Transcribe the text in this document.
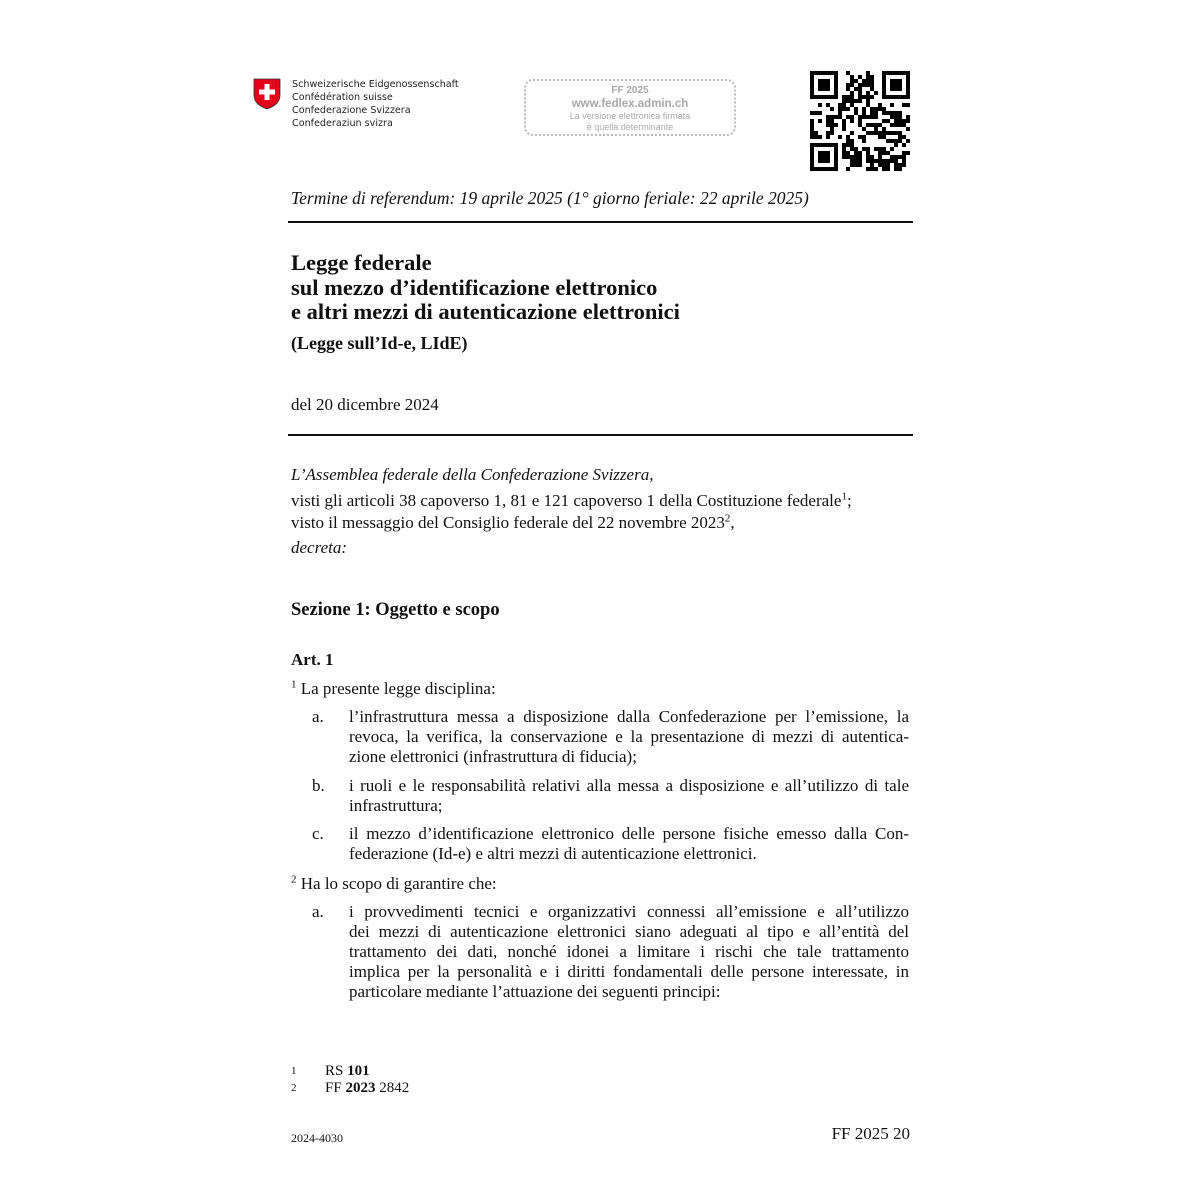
Schweizerische Eidgenossenschaft
Confédération suisse
Confederazione Svizzera
Confederaziun svizra
FF 2025
www.fedlex.admin.ch
La versione elettronica firmata
è quella determinante
Termine di referendum: 19 aprile 2025 (1° giorno feriale: 22 aprile 2025)
Legge federale
sul mezzo d’identificazione elettronico
e altri mezzi di autenticazione elettronici
(Legge sull’Id-e, LIdE)
del 20 dicembre 2024
L’Assemblea federale della Confederazione Svizzera,
visti gli articoli 38 capoverso 1, 81 e 121 capoverso 1 della Costituzione federale$^1$;
visto il messaggio del Consiglio federale del 22 novembre 2023$^2$,
decreta:
Sezione 1: Oggetto e scopo
Art. 1
$^1$ La presente legge disciplina:
a. l’infrastruttura messa a disposizione dalla Confederazione per l’emissione, la
revoca, la verifica, la conservazione e la presentazione di mezzi di autentica-
zione elettronici (infrastruttura di fiducia);
b. i ruoli e le responsabilità relativi alla messa a disposizione e all’utilizzo di tale
infrastruttura;
c. il mezzo d’identificazione elettronico delle persone fisiche emesso dalla Con-
federazione (Id-e) e altri mezzi di autenticazione elettronici.
$^2$ Ha lo scopo di garantire che:
a. i provvedimenti tecnici e organizzativi connessi all’emissione e all’utilizzo
dei mezzi di autenticazione elettronici siano adeguati al tipo e all’entità del
trattamento dei dati, nonché idonei a limitare i rischi che tale trattamento
implica per la personalità e i diritti fondamentali delle persone interessate, in
particolare mediante l’attuazione dei seguenti principi:
1 RS 101
2 FF 2023 2842
2024-4030	FF 2025 20
